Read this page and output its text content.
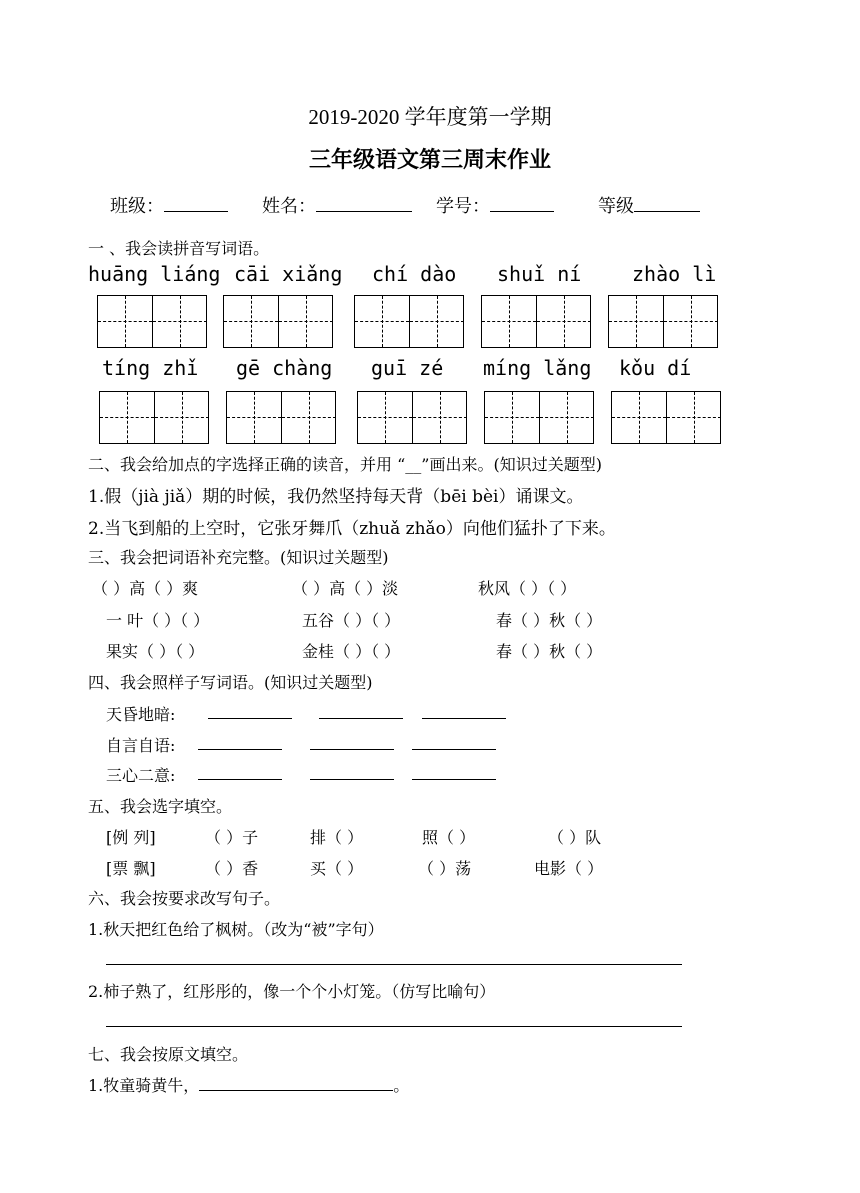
2019-2020 学年度第一学期
三年级语文第三周末作业
班级：	姓名：	学号：	等级
一 、我会读拼音写词语。
huāng liáng cāi xiǎng chí dào shuǐ ní	zhào lì
tíng zhǐ gē chàng guī zé míng lǎng kǒu dí
二、我会给加点的字选择正确的读音，并用 “__”画出来。(知识过关题型)
1.假（jià jiǎ）期的时候，我仍然坚持每天背（bēi bèi）诵课文。
2.当飞到船的上空时，它张牙舞爪（zhuǎ zhǎo）向他们猛扑了下来。
三、我会把词语补充完整。(知识过关题型)
（ ）高（ ）爽	（ ）高（ ）淡	秋风（ ）（ ）
一 叶（ ）（ ）	五谷（ ）（ ）	春（ ）秋（ ）
果实（ ）（ ）	金桂（ ）（ ）	春（ ）秋（ ）
四、我会照样子写词语。(知识过关题型)
天昏地暗:
自言自语:
三心二意:
五、我会选字填空。
[例 列]	（ ）子	排（ ）	照（ ）	（ ）队
[票 飘]	（ ）香	买（ ）	（ ）荡	电影（ ）
六、我会按要求改写句子。
1.秋天把红色给了枫树。（改为“被”字句）
2.柿子熟了，红彤彤的，像一个个小灯笼。（仿写比喻句）
七、我会按原文填空。
1.牧童骑黄牛，	。
